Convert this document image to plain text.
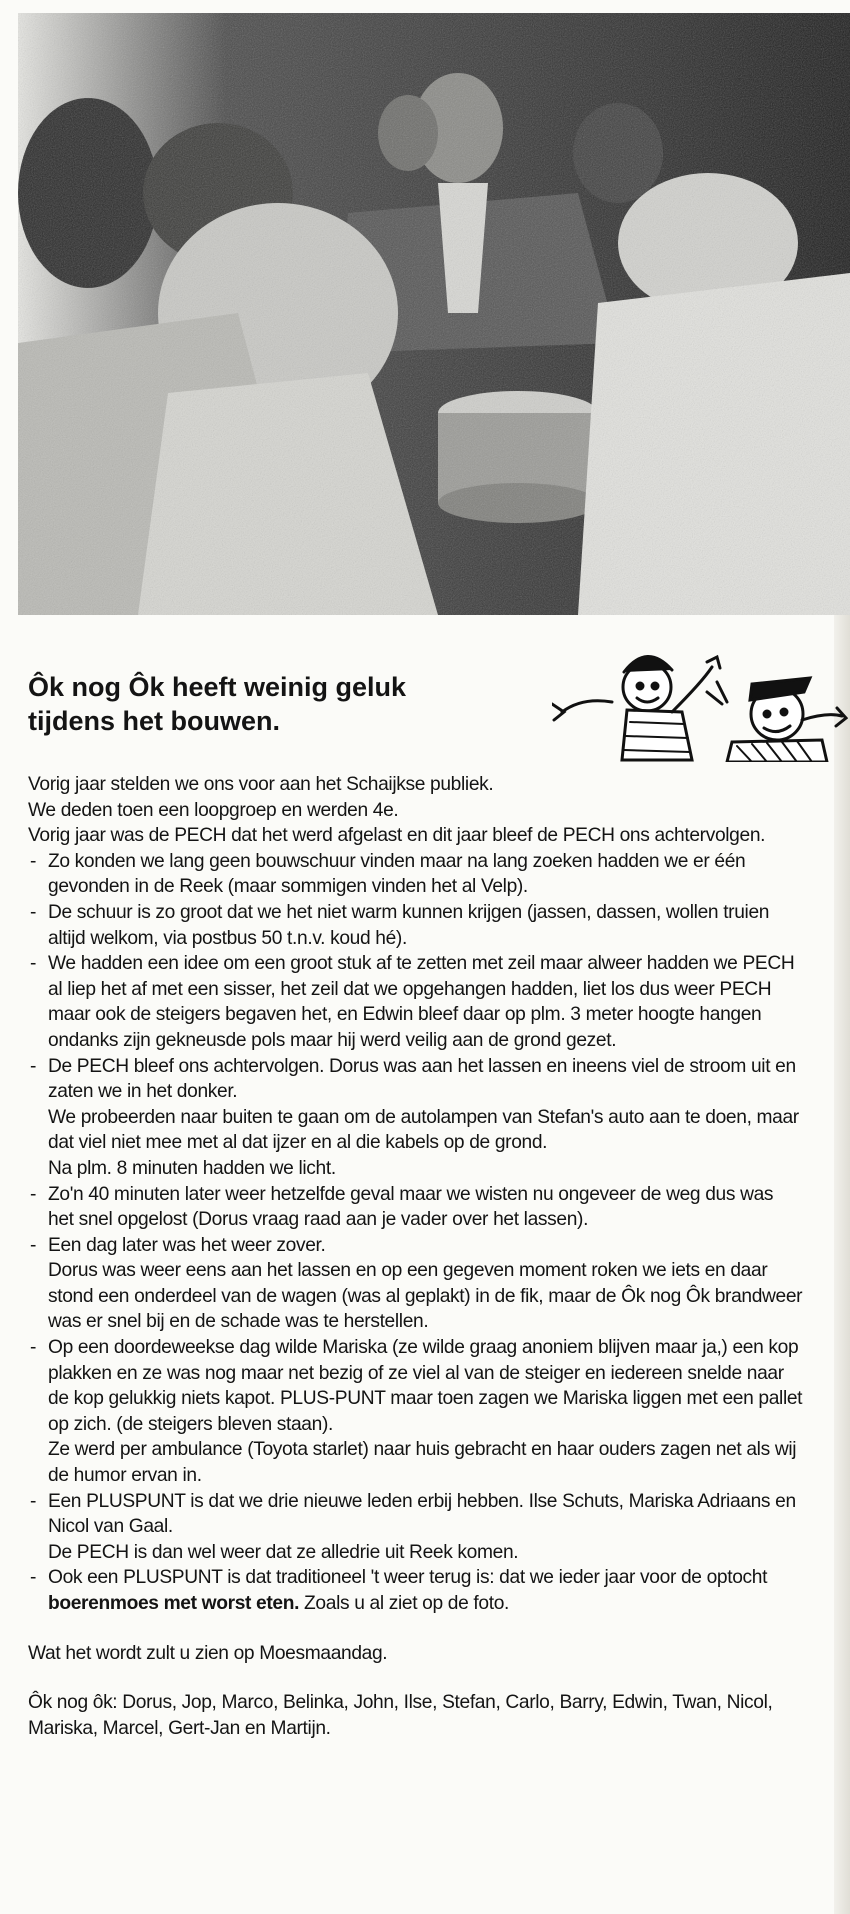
Ôk nog Ôk heeft weinig geluk
tijdens het bouwen.

Vorig jaar stelden we ons voor aan het Schaijkse publiek.

We deden toen een loopgroep en werden 4e.

Vorig jaar was de PECH dat het werd afgelast en dit jaar bleef de PECH ons achtervolgen.

- Zo konden we lang geen bouwschuur vinden maar na lang zoeken hadden we er één gevonden in de Reek (maar sommigen vinden het al Velp).
- De schuur is zo groot dat we het niet warm kunnen krijgen (jassen, dassen, wollen truien altijd welkom, via postbus 50 t.n.v. koud hé).
- We hadden een idee om een groot stuk af te zetten met zeil maar alweer hadden we PECH al liep het af met een sisser, het zeil dat we opgehangen hadden, liet los dus weer PECH maar ook de steigers begaven het, en Edwin bleef daar op plm. 3 meter hoogte hangen ondanks zijn gekneusde pols maar hij werd veilig aan de grond gezet.
- De PECH bleef ons achtervolgen. Dorus was aan het lassen en ineens viel de stroom uit en zaten we in het donker.

We probeerden naar buiten te gaan om de autolampen van Stefan's auto aan te doen, maar dat viel niet mee met al dat ijzer en al die kabels op de grond.

Na plm. 8 minuten hadden we licht.

- Zo'n 40 minuten later weer hetzelfde geval maar we wisten nu ongeveer de weg dus was het snel opgelost (Dorus vraag raad aan je vader over het lassen).
- Een dag later was het weer zover.

Dorus was weer eens aan het lassen en op een gegeven moment roken we iets en daar stond een onderdeel van de wagen (was al geplakt) in de fik, maar de Ôk nog Ôk brandweer was er snel bij en de schade was te herstellen.

- Op een doordeweekse dag wilde Mariska (ze wilde graag anoniem blijven maar ja,) een kop plakken en ze was nog maar net bezig of ze viel al van de steiger en iedereen snelde naar de kop gelukkig niets kapot. PLUS-PUNT maar toen zagen we Mariska liggen met een pallet op zich. (de steigers bleven staan).

Ze werd per ambulance (Toyota starlet) naar huis gebracht en haar ouders zagen net als wij de humor ervan in.

- Een PLUSPUNT is dat we drie nieuwe leden erbij hebben. Ilse Schuts, Mariska Adriaans en Nicol van Gaal.

De PECH is dan wel weer dat ze alledrie uit Reek komen.

- Ook een PLUSPUNT is dat traditioneel 't weer terug is: dat we ieder jaar voor de optocht boerenmoes met worst eten. Zoals u al ziet op de foto.

Wat het wordt zult u zien op Moesmaandag.

Ôk nog ôk: Dorus, Jop, Marco, Belinka, John, Ilse, Stefan, Carlo, Barry, Edwin, Twan, Nicol, Mariska, Marcel, Gert-Jan en Martijn.
